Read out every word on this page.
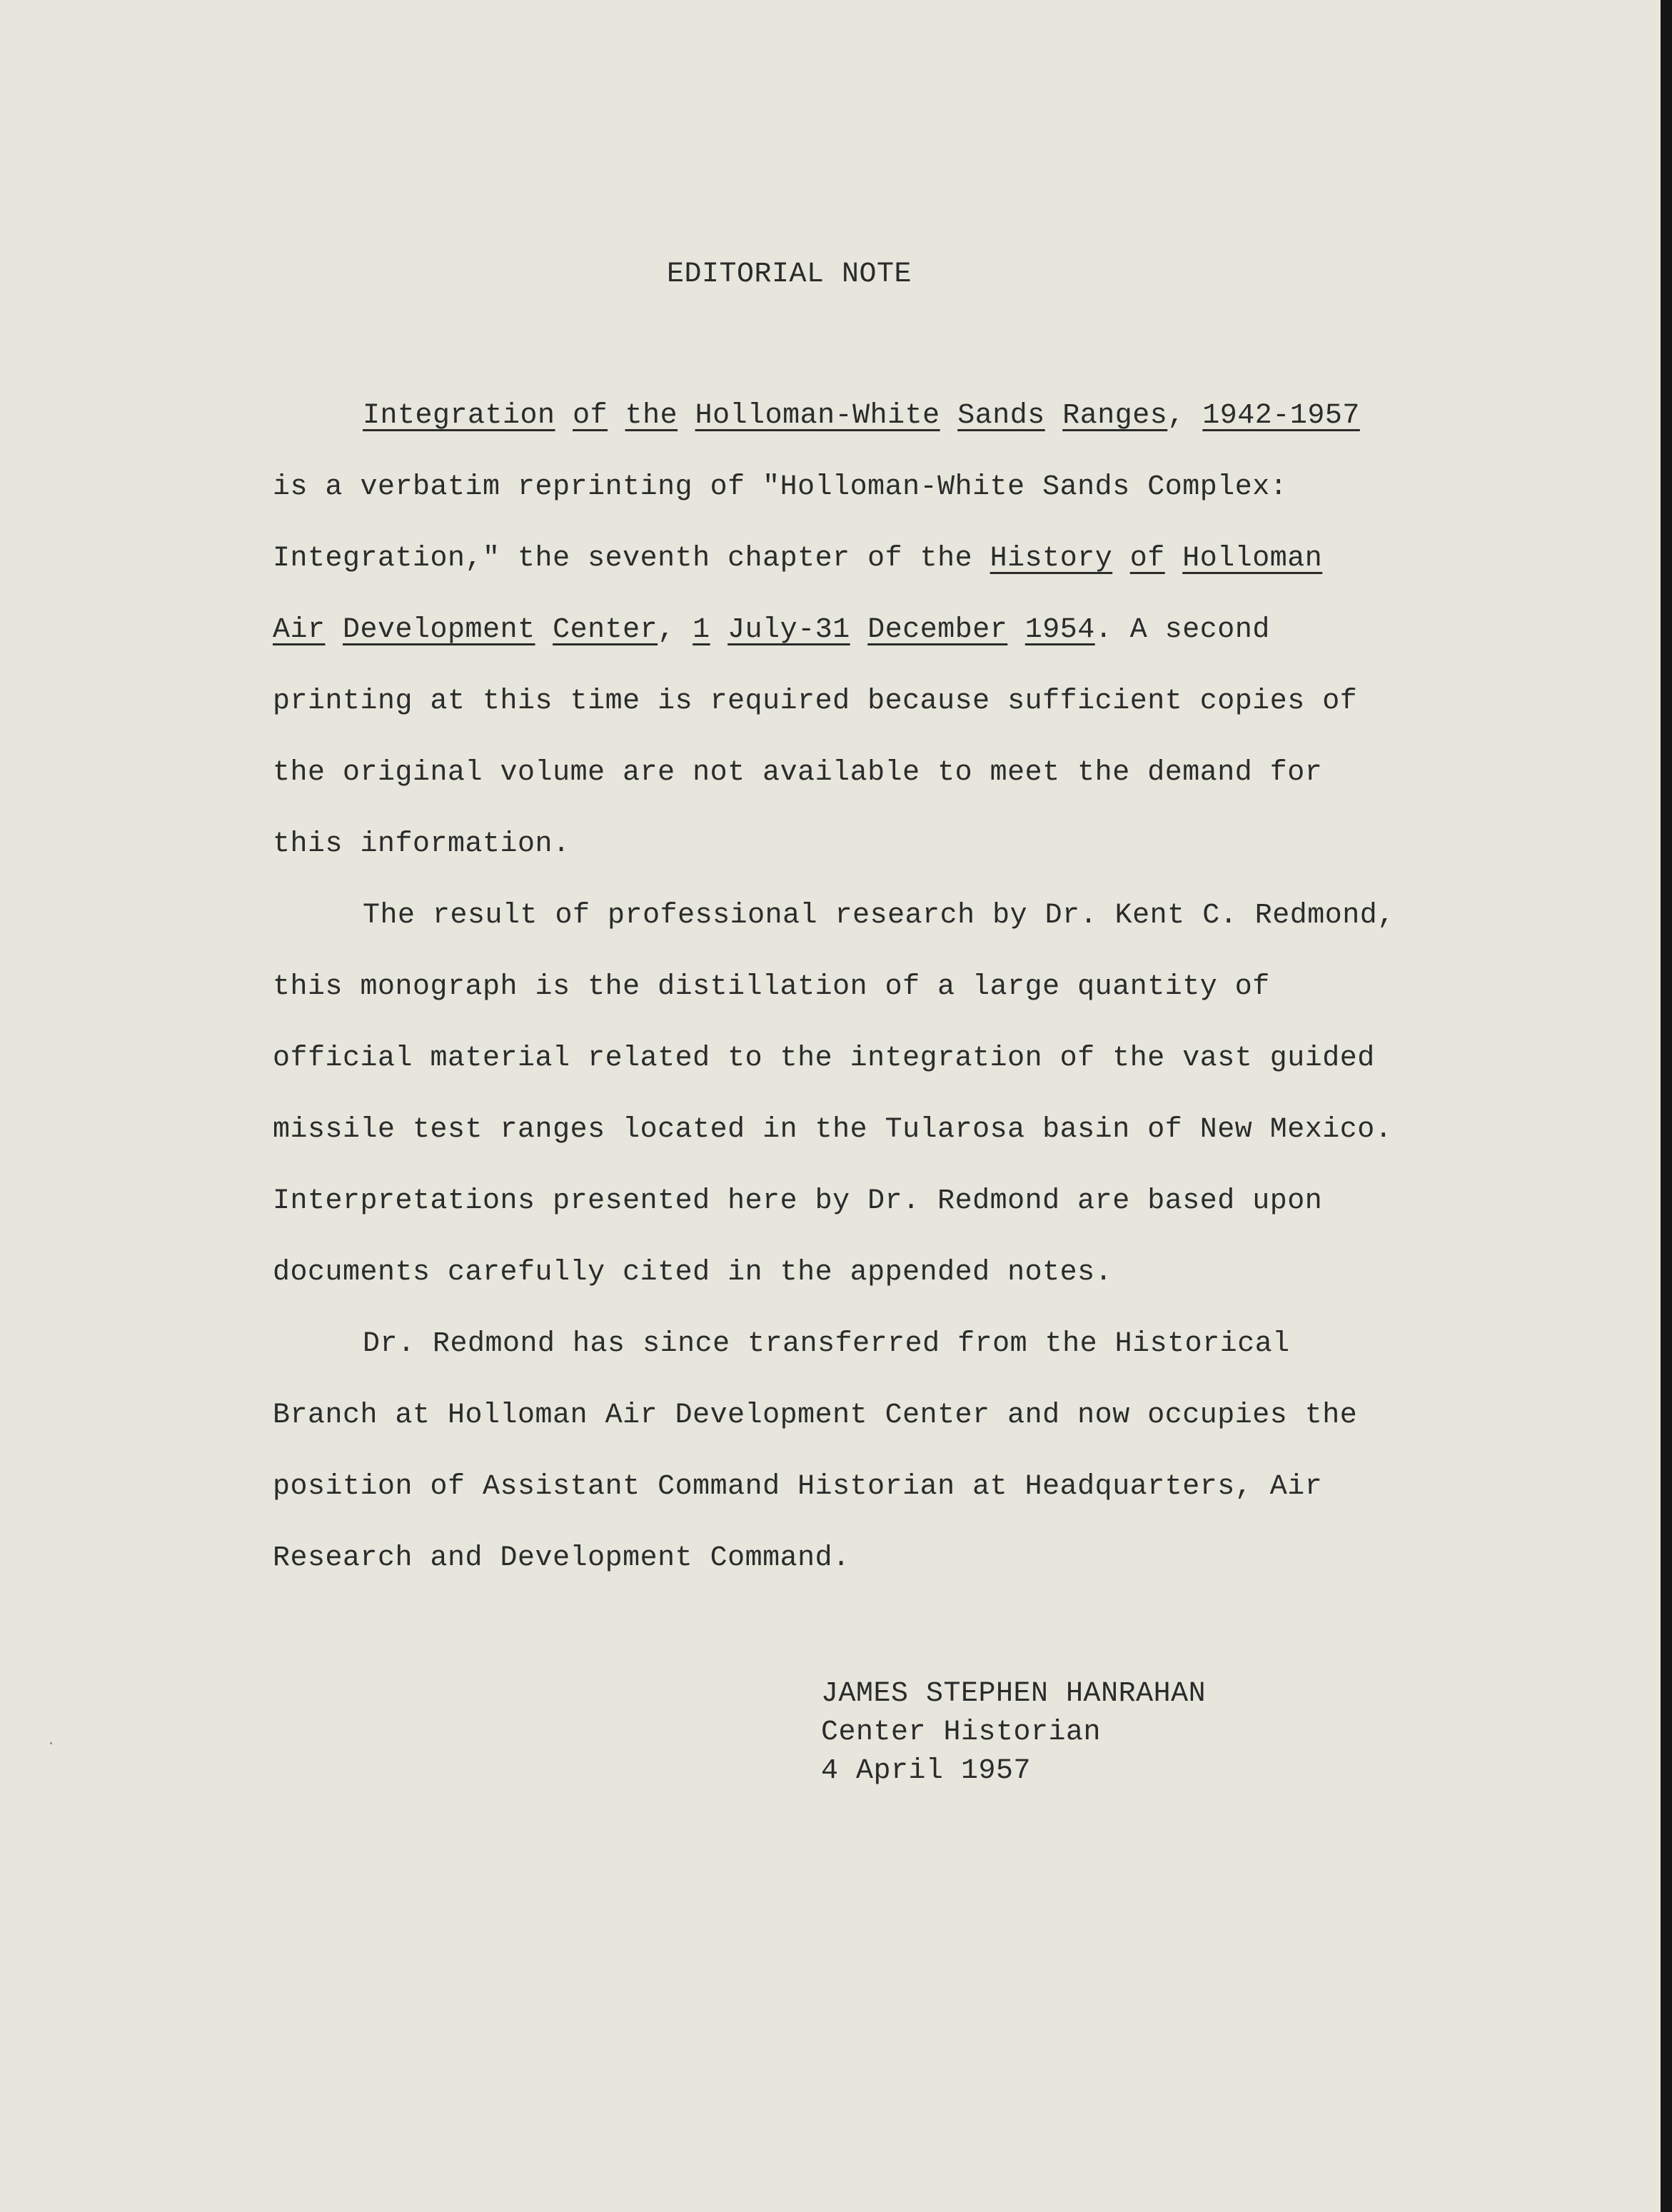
EDITORIAL NOTE
Integration of the Holloman-White Sands Ranges, 1942-1957
is a verbatim reprinting of "Holloman-White Sands Complex:
Integration," the seventh chapter of the History of Holloman
Air Development Center, 1 July-31 December 1954. A second
printing at this time is required because sufficient copies of
the original volume are not available to meet the demand for
this information.
The result of professional research by Dr. Kent C. Redmond,
this monograph is the distillation of a large quantity of
official material related to the integration of the vast guided
missile test ranges located in the Tularosa basin of New Mexico.
Interpretations presented here by Dr. Redmond are based upon
documents carefully cited in the appended notes.
Dr. Redmond has since transferred from the Historical
Branch at Holloman Air Development Center and now occupies the
position of Assistant Command Historian at Headquarters, Air
Research and Development Command.
JAMES STEPHEN HANRAHAN
Center Historian
4 April 1957
